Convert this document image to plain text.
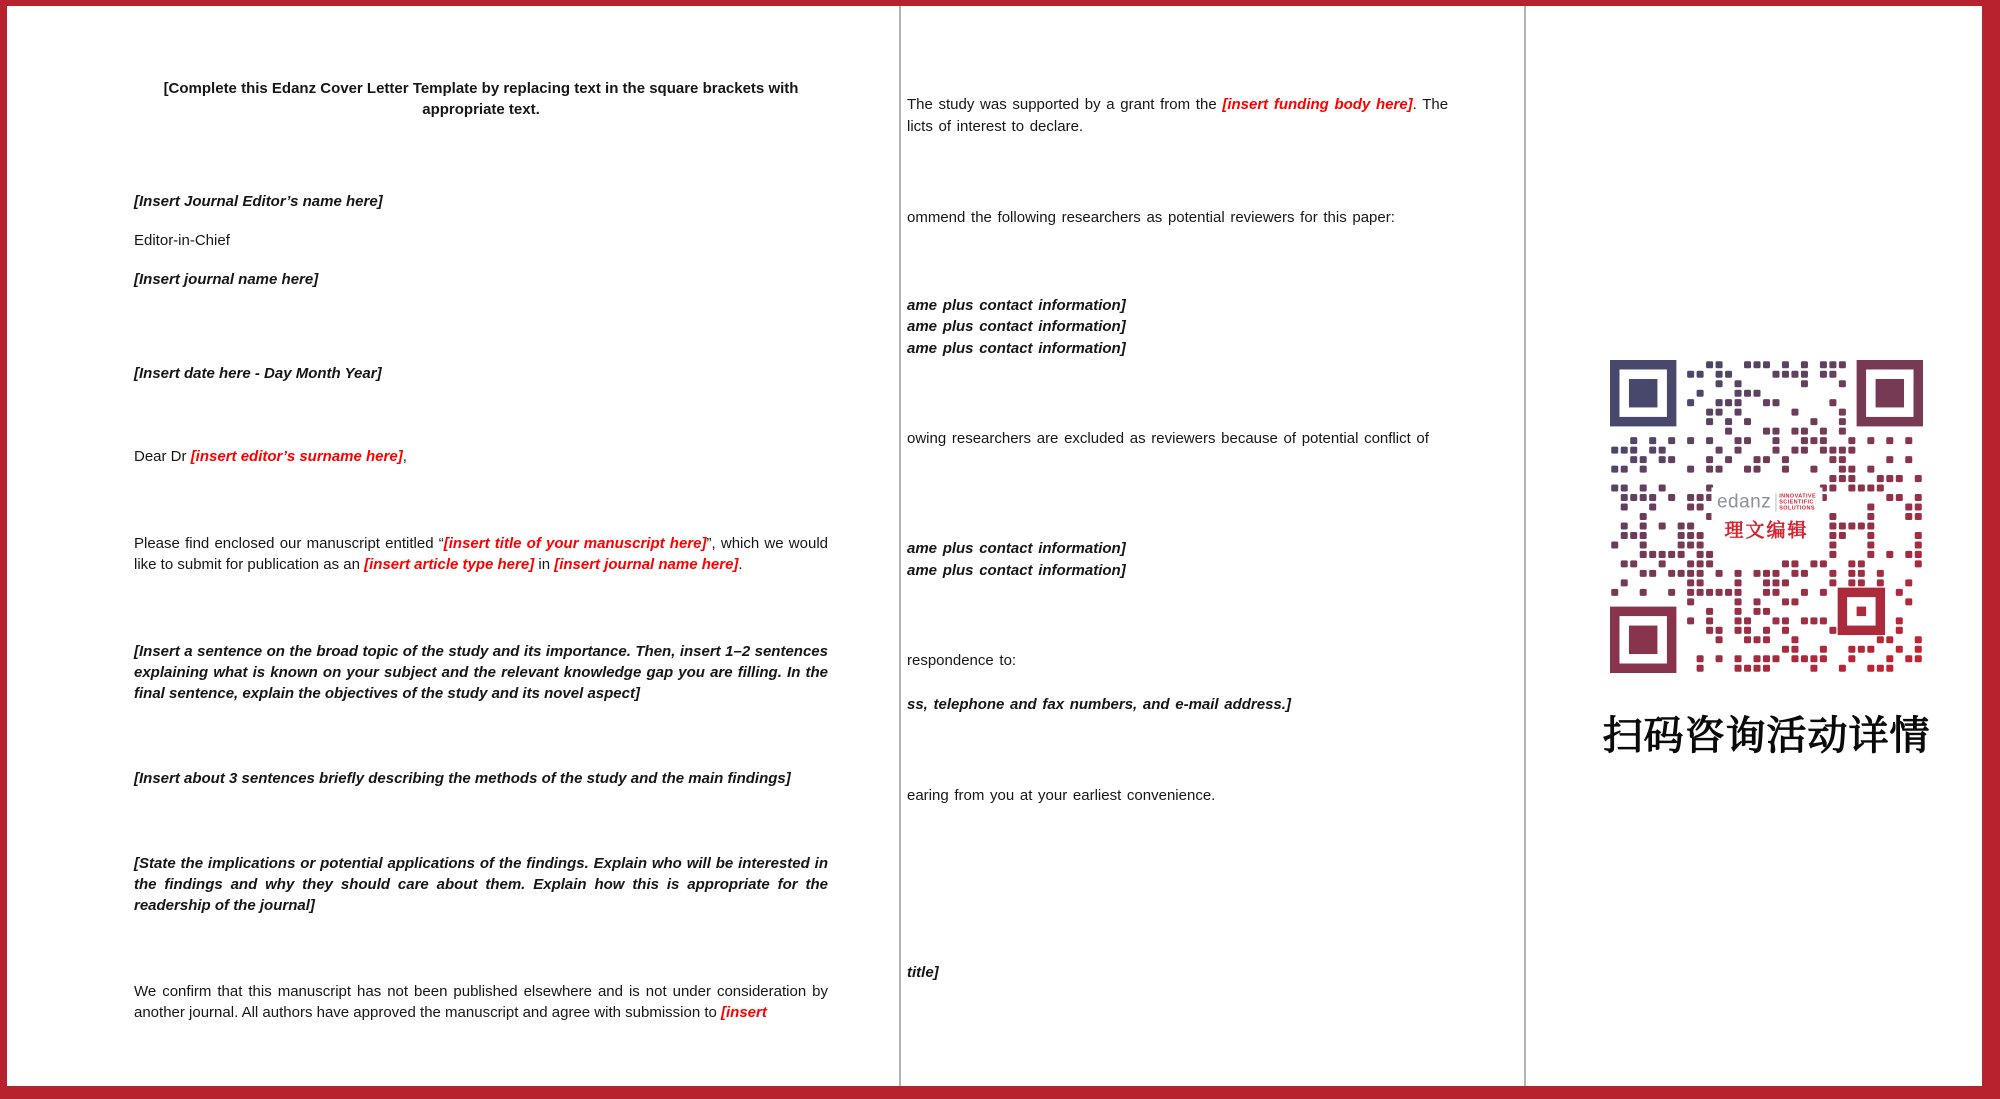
[Complete this Edanz Cover Letter Template by replacing text in the square brackets with appropriate text.
[Insert Journal Editor’s name here]
Editor-in-Chief
[Insert journal name here]
[Insert date here - Day Month Year]
Dear Dr [insert editor’s surname here],
Please find enclosed our manuscript entitled “[insert title of your manuscript here]”, which we would like to submit for publication as an [insert article type here] in [insert journal name here].
[Insert a sentence on the broad topic of the study and its importance. Then, insert 1–2 sentences explaining what is known on your subject and the relevant knowledge gap you are filling. In the final sentence, explain the objectives of the study and its novel aspect]
[Insert about 3 sentences briefly describing the methods of the study and the main findings]
[State the implications or potential applications of the findings. Explain who will be interested in the findings and why they should care about them. Explain how this is appropriate for the readership of the journal]
We confirm that this manuscript has not been published elsewhere and is not under consideration by another journal. All authors have approved the manuscript and agree with submission to [insert
The study was supported by a grant from the [insert funding body here]. The
licts of interest to declare.
ommend the following researchers as potential reviewers for this paper:
ame plus contact information]
ame plus contact information]
ame plus contact information]
owing researchers are excluded as reviewers because of potential conflict of
ame plus contact information]
ame plus contact information]
respondence to:
ss, telephone and fax numbers, and e-mail address.]
earing from you at your earliest convenience.
title]
edanz INNOVATIVE
SCIENTIFIC
SOLUTIONS
理文编辑
扫码咨询活动详情
